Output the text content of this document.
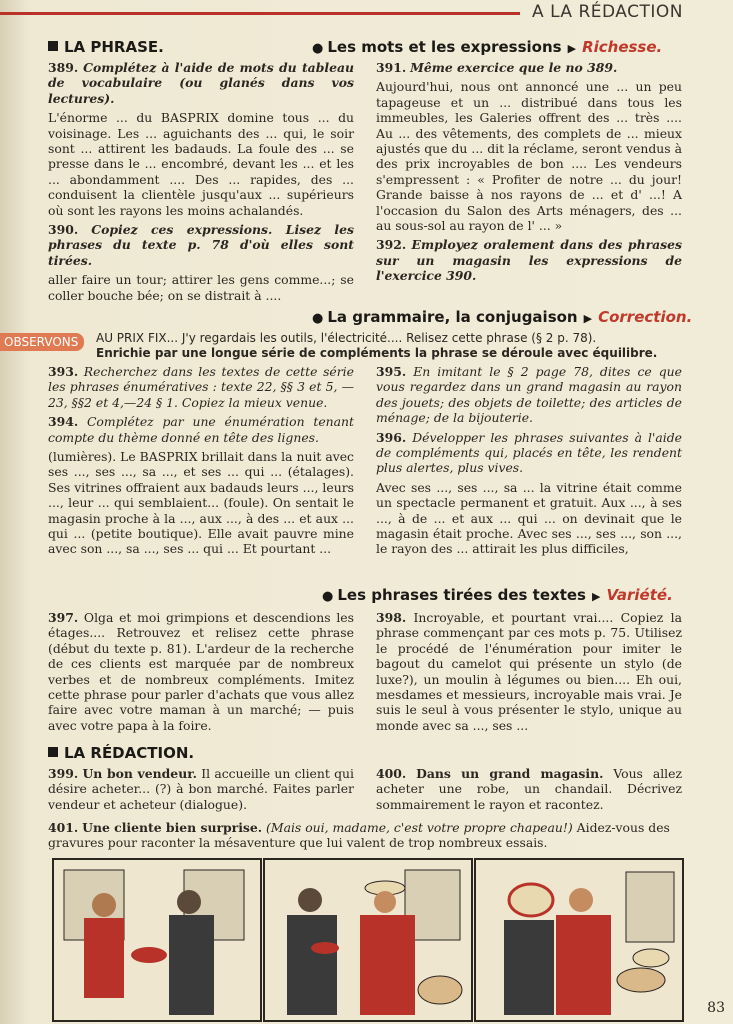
A LA RÉDACTION
LA PHRASE.	● Les mots et les expressions ▶ Richesse.

389. Complétez à l'aide de mots du tableau de vocabulaire (ou glanés dans vos lectures).

L'énorme ... du BASPRIX domine tous ... du voisinage. Les ... aguichants des ... qui, le soir sont ... attirent les badauds. La foule des ... se presse dans le ... encombré, devant les ... et les ... abondamment .... Des ... rapides, des ... conduisent la clientèle jusqu'aux ... supérieurs où sont les rayons les moins achalandés.

390. Copiez ces expressions. Lisez les phrases du texte p. 78 d'où elles sont tirées.

aller faire un tour; attirer les gens comme...; se coller bouche bée; on se distrait à ....

391. Même exercice que le no 389.

Aujourd'hui, nous ont annoncé une ... un peu tapageuse et un ... distribué dans tous les immeubles, les Galeries offrent des ... très .... Au ... des vêtements, des complets de ... mieux ajustés que du ... dit la réclame, seront vendus à des prix incroyables de bon .... Les vendeurs s'empressent : « Profiter de notre ... du jour! Grande baisse à nos rayons de ... et d' ...! A l'occasion du Salon des Arts ménagers, des ... au sous-sol au rayon de l' ... »

392. Employez oralement dans des phrases sur un magasin les expressions de l'exercice 390.

● La grammaire, la conjugaison ▶ Correction.
OBSERVONS	AU PRIX FIX... J'y regardais les outils, l'électricité.... Relisez cette phrase (§ 2 p. 78).
Enrichie par une longue série de compléments la phrase se déroule avec équilibre.

393. Recherchez dans les textes de cette série les phrases énumératives : texte 22, §§ 3 et 5, — 23, §§2 et 4,—24 § 1. Copiez la mieux venue.

394. Complétez par une énumération tenant compte du thème donné en tête des lignes.

(lumières). Le BASPRIX brillait dans la nuit avec ses ..., ses ..., sa ..., et ses ... qui ... (étalages). Ses vitrines offraient aux badauds leurs ..., leurs ..., leur ... qui semblaient... (foule). On sentait le magasin proche à la ..., aux ..., à des ... et aux ... qui ... (petite boutique). Elle avait pauvre mine avec son ..., sa ..., ses ... qui ... Et pourtant ...

395. En imitant le § 2 page 78, dites ce que vous regardez dans un grand magasin au rayon des jouets; des objets de toilette; des articles de ménage; de la bijouterie.

396. Développer les phrases suivantes à l'aide de compléments qui, placés en tête, les rendent plus alertes, plus vives.

Avec ses ..., ses ..., sa ... la vitrine était comme un spectacle permanent et gratuit. Aux ..., à ses ..., à de ... et aux ... qui ... on devinait que le magasin était proche. Avec ses ..., ses ..., son ..., le rayon des ... attirait les plus difficiles,

● Les phrases tirées des textes ▶ Variété.

397. Olga et moi grimpions et descendions les étages.... Retrouvez et relisez cette phrase (début du texte p. 81). L'ardeur de la recherche de ces clients est marquée par de nombreux verbes et de nombreux compléments. Imitez cette phrase pour parler d'achats que vous allez faire avec votre maman à un marché; — puis avec votre papa à la foire.

398. Incroyable, et pourtant vrai.... Copiez la phrase commençant par ces mots p. 75. Utilisez le procédé de l'énumération pour imiter le bagout du camelot qui présente un stylo (de luxe?), un moulin à légumes ou bien.... Eh oui, mesdames et messieurs, incroyable mais vrai. Je suis le seul à vous présenter le stylo, unique au monde avec sa ..., ses ...

LA RÉDACTION.

399. Un bon vendeur. Il accueille un client qui désire acheter... (?) à bon marché. Faites parler vendeur et acheteur (dialogue).

400. Dans un grand magasin. Vous allez acheter une robe, un chandail. Décrivez sommairement le rayon et racontez.

401. Une cliente bien surprise. (Mais oui, madame, c'est votre propre chapeau!) Aidez-vous des gravures pour raconter la mésaventure que lui valent de trop nombreux essais.
83
